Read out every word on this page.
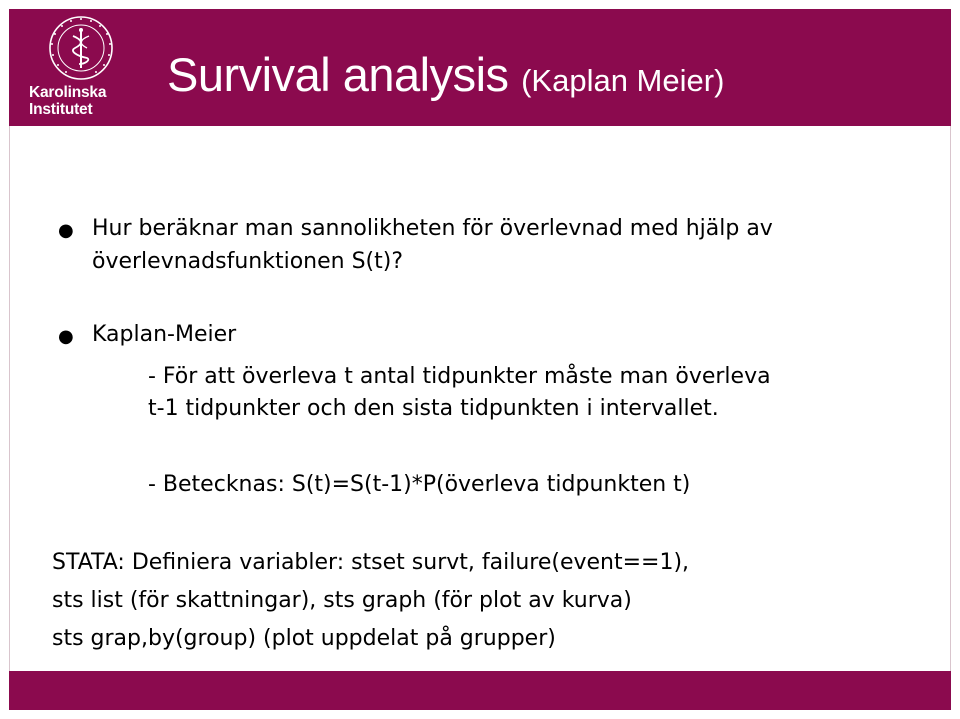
Karolinska
Institutet
Survival analysis (Kaplan Meier)
● Hur beräknar man sannolikheten för överlevnad med hjälp av
överlevnadsfunktionen S(t)?
● Kaplan-Meier
- För att överleva t antal tidpunkter måste man överleva
t-1 tidpunkter och den sista tidpunkten i intervallet.
- Betecknas: S(t)=S(t-1)*P(överleva tidpunkten t)
STATA: Definiera variabler: stset survt, failure(event==1),
sts list (för skattningar), sts graph (för plot av kurva)
sts grap,by(group) (plot uppdelat på grupper)
